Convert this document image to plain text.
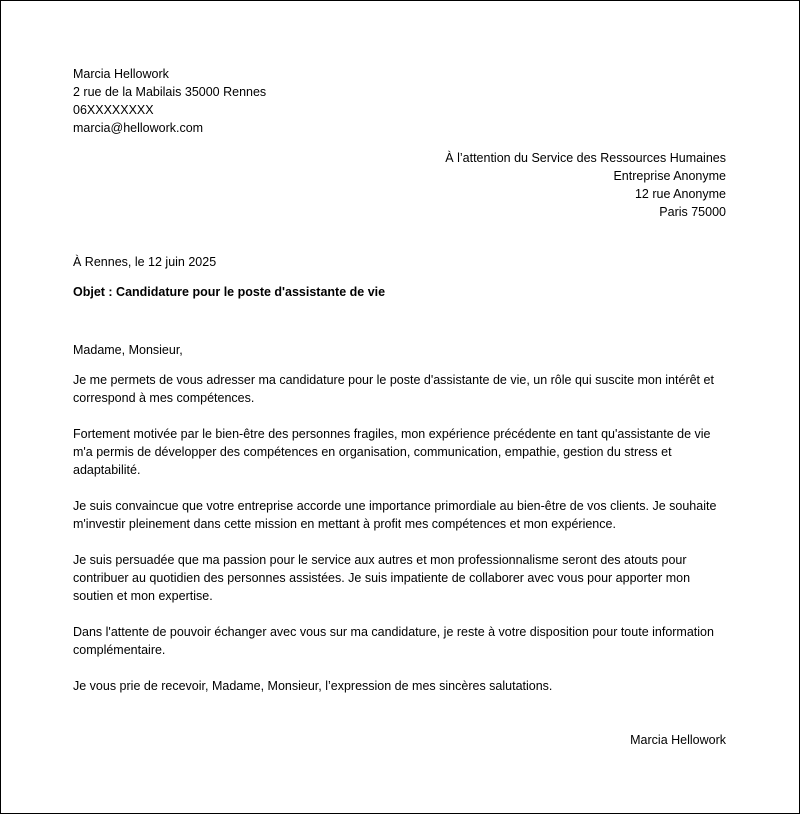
Marcia Hellowork
2 rue de la Mabilais 35000 Rennes
06XXXXXXXX
marcia@hellowork.com
À l’attention du Service des Ressources Humaines
Entreprise Anonyme
12 rue Anonyme
Paris 75000
À Rennes, le 12 juin 2025
Objet : Candidature pour le poste d'assistante de vie
Madame, Monsieur,

Je me permets de vous adresser ma candidature pour le poste d'assistante de vie, un rôle qui suscite mon intérêt et correspond à mes compétences.

Fortement motivée par le bien-être des personnes fragiles, mon expérience précédente en tant qu'assistante de vie m'a permis de développer des compétences en organisation, communication, empathie, gestion du stress et adaptabilité.

Je suis convaincue que votre entreprise accorde une importance primordiale au bien-être de vos clients. Je souhaite m'investir pleinement dans cette mission en mettant à profit mes compétences et mon expérience.

Je suis persuadée que ma passion pour le service aux autres et mon professionnalisme seront des atouts pour contribuer au quotidien des personnes assistées. Je suis impatiente de collaborer avec vous pour apporter mon soutien et mon expertise.

Dans l'attente de pouvoir échanger avec vous sur ma candidature, je reste à votre disposition pour toute information complémentaire.

Je vous prie de recevoir, Madame, Monsieur, l’expression de mes sincères salutations.
Marcia Hellowork
